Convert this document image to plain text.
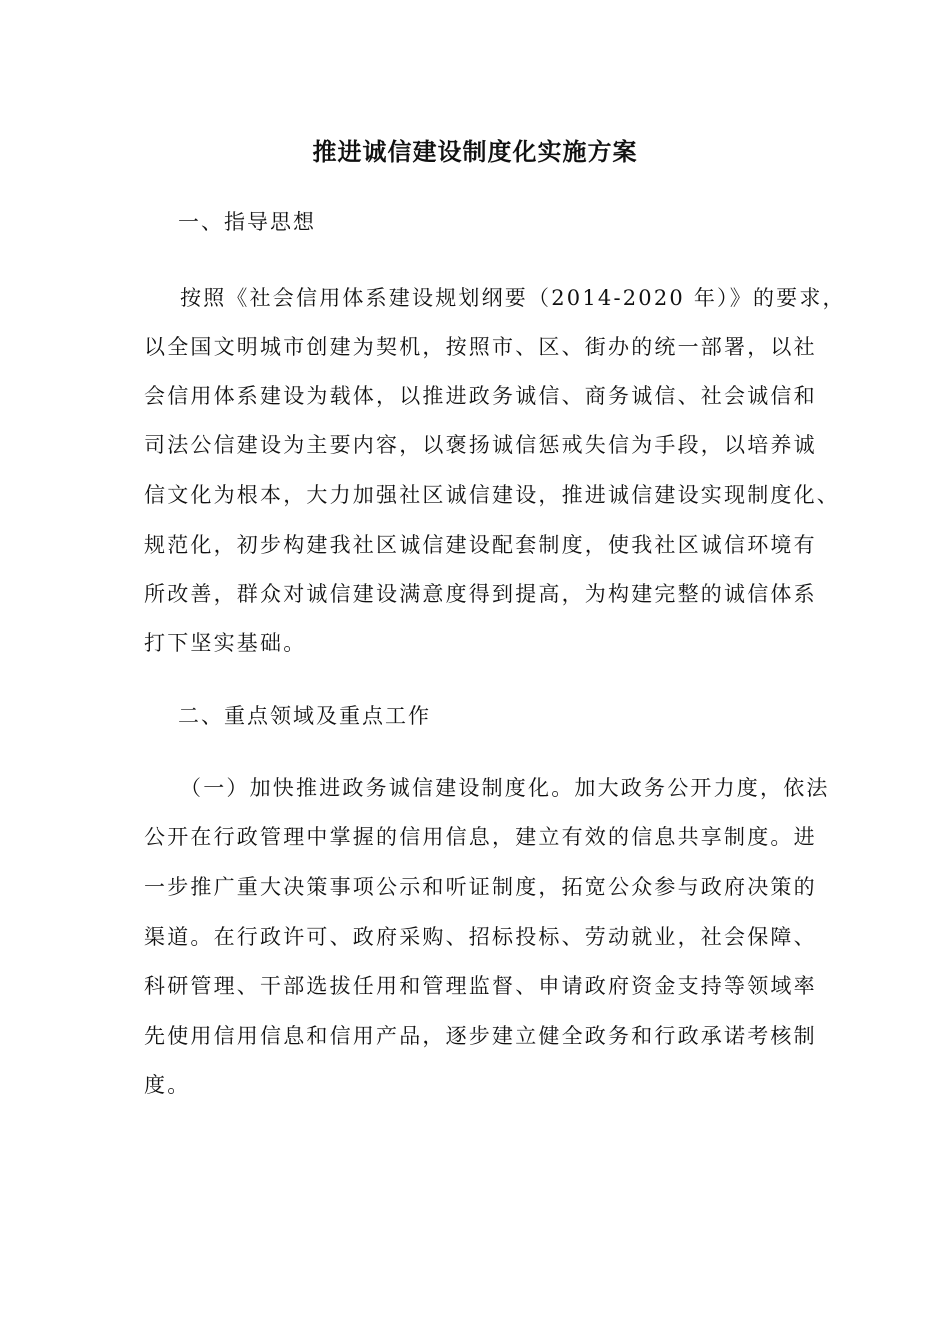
推进诚信建设制度化实施方案
一、指导思想
按照《社会信用体系建设规划纲要（2014-2020 年）》的要求，
以全国文明城市创建为契机，按照市、区、街办的统一部署，以社
会信用体系建设为载体，以推进政务诚信、商务诚信、社会诚信和
司法公信建设为主要内容，以褒扬诚信惩戒失信为手段，以培养诚
信文化为根本，大力加强社区诚信建设，推进诚信建设实现制度化、
规范化，初步构建我社区诚信建设配套制度，使我社区诚信环境有
所改善，群众对诚信建设满意度得到提高，为构建完整的诚信体系
打下坚实基础。
二、重点领域及重点工作
（一）加快推进政务诚信建设制度化。加大政务公开力度，依法
公开在行政管理中掌握的信用信息，建立有效的信息共享制度。进
一步推广重大决策事项公示和听证制度，拓宽公众参与政府决策的
渠道。在行政许可、政府采购、招标投标、劳动就业，社会保障、
科研管理、干部选拔任用和管理监督、申请政府资金支持等领域率
先使用信用信息和信用产品，逐步建立健全政务和行政承诺考核制
度。
